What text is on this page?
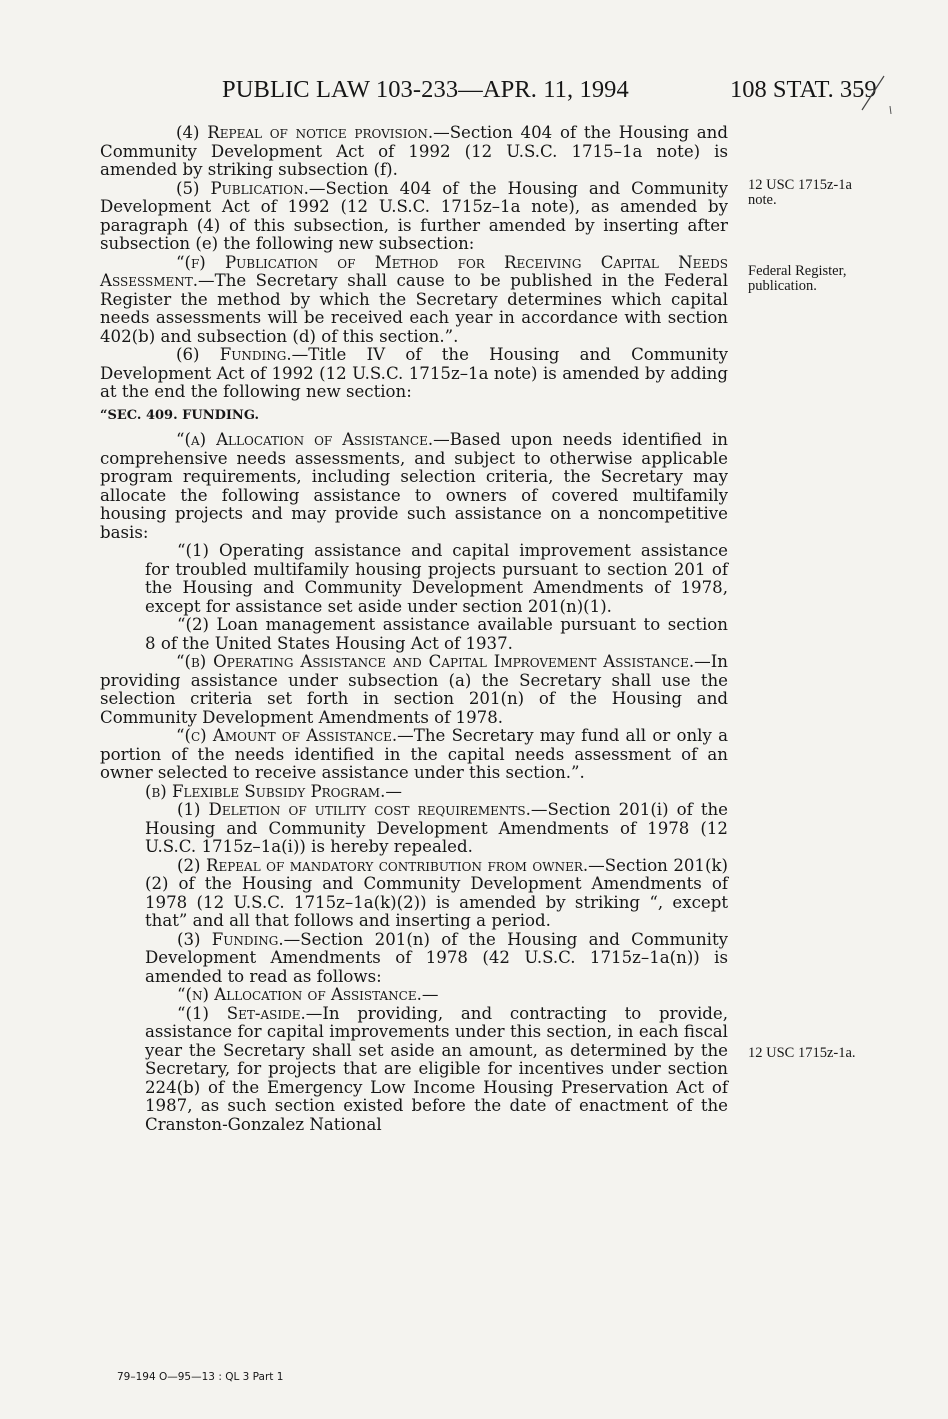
PUBLIC LAW 103-233—APR. 11, 1994	108 STAT. 359
12 USC 1715z-1a note.
Federal Register, publication.
12 USC 1715z-1a.

(4) Repeal of notice provision.—Section 404 of the Housing and Community Development Act of 1992 (12 U.S.C. 1715–1a note) is amended by striking subsection (f).

(5) Publication.—Section 404 of the Housing and Community Development Act of 1992 (12 U.S.C. 1715z–1a note), as amended by paragraph (4) of this subsection, is further amended by inserting after subsection (e) the following new subsection:

“(f) Publication of Method for Receiving Capital Needs Assessment.—The Secretary shall cause to be published in the Federal Register the method by which the Secretary determines which capital needs assessments will be received each year in accordance with section 402(b) and subsection (d) of this section.”.

(6) Funding.—Title IV of the Housing and Community Development Act of 1992 (12 U.S.C. 1715z–1a note) is amended by adding at the end the following new section:

“SEC. 409. FUNDING.

“(a) Allocation of Assistance.—Based upon needs identified in comprehensive needs assessments, and subject to otherwise applicable program requirements, including selection criteria, the Secretary may allocate the following assistance to owners of covered multifamily housing projects and may provide such assistance on a noncompetitive basis:

“(1) Operating assistance and capital improvement assistance for troubled multifamily housing projects pursuant to section 201 of the Housing and Community Development Amendments of 1978, except for assistance set aside under section 201(n)(1).

“(2) Loan management assistance available pursuant to section 8 of the United States Housing Act of 1937.

“(b) Operating Assistance and Capital Improvement Assistance.—In providing assistance under subsection (a) the Secretary shall use the selection criteria set forth in section 201(n) of the Housing and Community Development Amendments of 1978.

“(c) Amount of Assistance.—The Secretary may fund all or only a portion of the needs identified in the capital needs assessment of an owner selected to receive assistance under this section.”.

(b) Flexible Subsidy Program.—

(1) Deletion of utility cost requirements.—Section 201(i) of the Housing and Community Development Amendments of 1978 (12 U.S.C. 1715z–1a(i)) is hereby repealed.

(2) Repeal of mandatory contribution from owner.—Section 201(k)(2) of the Housing and Community Development Amendments of 1978 (12 U.S.C. 1715z–1a(k)(2)) is amended by striking “, except that” and all that follows and inserting a period.

(3) Funding.—Section 201(n) of the Housing and Community Development Amendments of 1978 (42 U.S.C. 1715z–1a(n)) is amended to read as follows:

“(n) Allocation of Assistance.—

“(1) Set-aside.—In providing, and contracting to provide, assistance for capital improvements under this section, in each fiscal year the Secretary shall set aside an amount, as determined by the Secretary, for projects that are eligible for incentives under section 224(b) of the Emergency Low Income Housing Preservation Act of 1987, as such section existed before the date of enactment of the Cranston-Gonzalez National

79–194 O—95—13 : QL 3 Part 1
